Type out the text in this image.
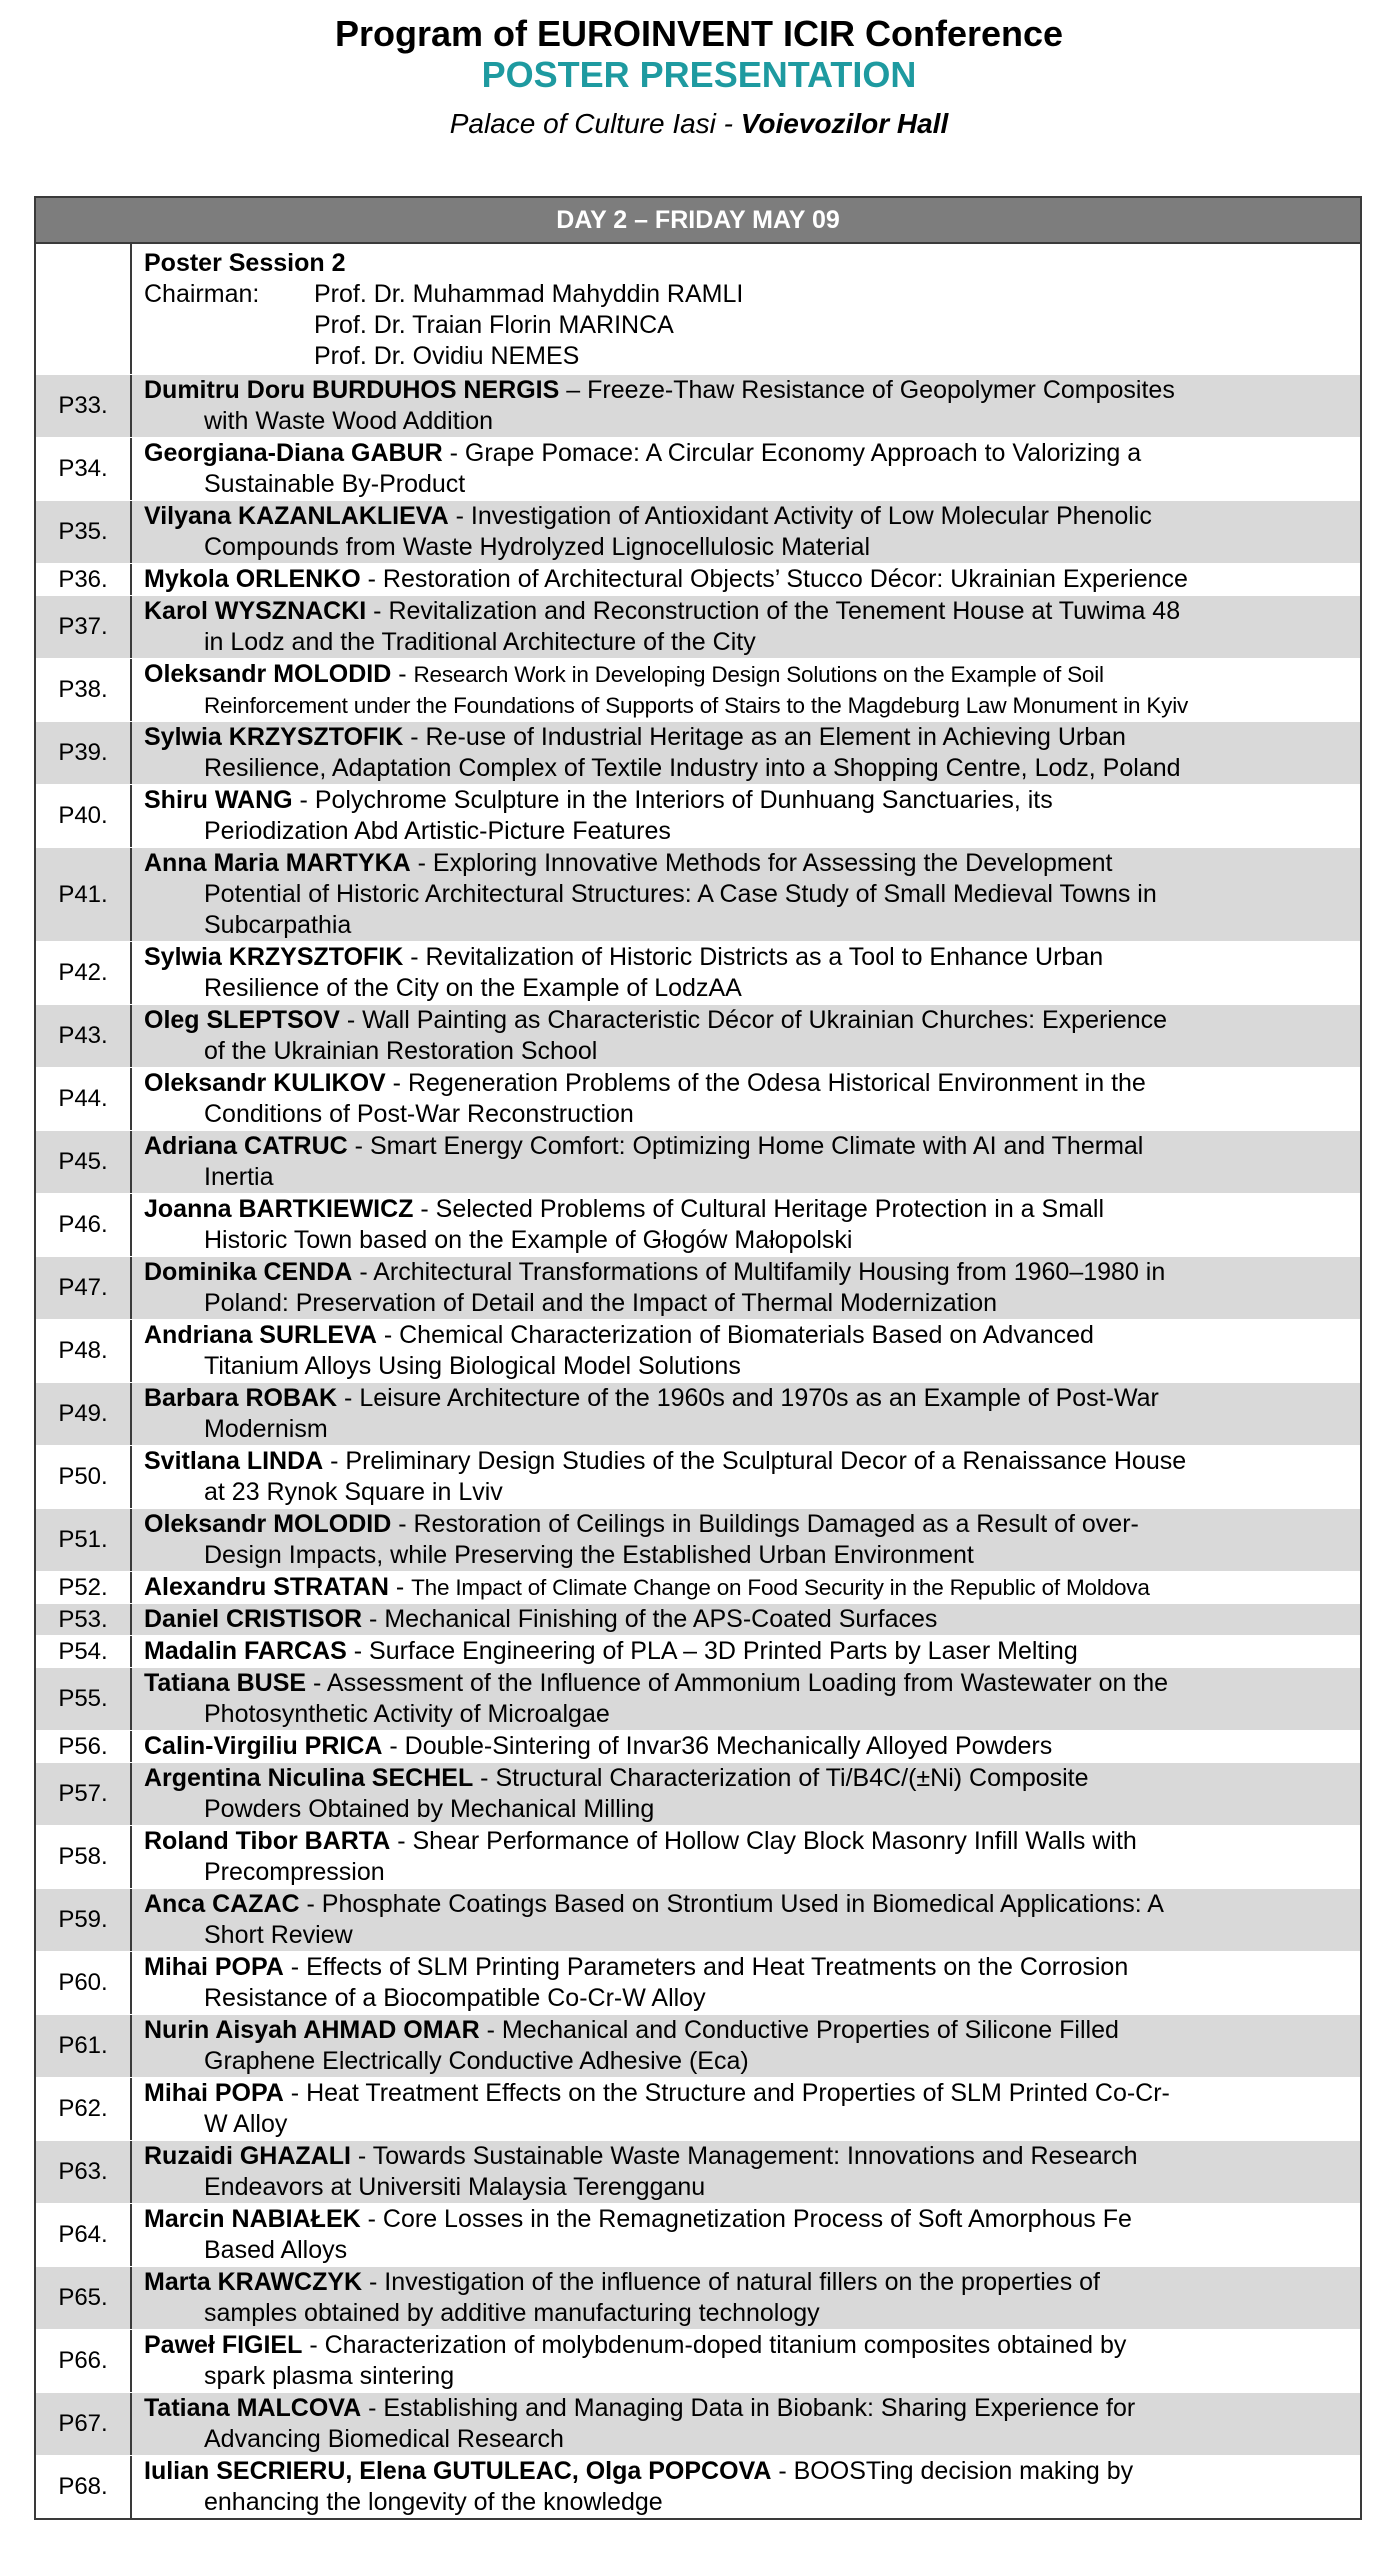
Program of EUROINVENT ICIR Conference
POSTER PRESENTATION
Palace of Culture Iasi - Voievozilor Hall
DAY 2 – FRIDAY MAY 09
Poster Session 2
Chairman: Prof. Dr. Muhammad Mahyddin RAMLI
Prof. Dr. Traian Florin MARINCA
Prof. Dr. Ovidiu NEMES
P33.
Dumitru Doru BURDUHOS NERGIS – Freeze-Thaw Resistance of Geopolymer Composites
with Waste Wood Addition
P34.
Georgiana-Diana GABUR - Grape Pomace: A Circular Economy Approach to Valorizing a
Sustainable By-Product
P35.
Vilyana KAZANLAKLIEVA - Investigation of Antioxidant Activity of Low Molecular Phenolic
Compounds from Waste Hydrolyzed Lignocellulosic Material
P36.	Mykola ORLENKO - Restoration of Architectural Objects’ Stucco Décor: Ukrainian Experience
P37.
Karol WYSZNACKI - Revitalization and Reconstruction of the Tenement House at Tuwima 48
in Lodz and the Traditional Architecture of the City
P38.
Oleksandr MOLODID - Research Work in Developing Design Solutions on the Example of Soil
Reinforcement under the Foundations of Supports of Stairs to the Magdeburg Law Monument in Kyiv
P39.
Sylwia KRZYSZTOFIK - Re-use of Industrial Heritage as an Element in Achieving Urban
Resilience, Adaptation Complex of Textile Industry into a Shopping Centre, Lodz, Poland
P40.
Shiru WANG - Polychrome Sculpture in the Interiors of Dunhuang Sanctuaries, its
Periodization Abd Artistic-Picture Features
P41.
Anna Maria MARTYKA - Exploring Innovative Methods for Assessing the Development
Potential of Historic Architectural Structures: A Case Study of Small Medieval Towns in
Subcarpathia
P42.
Sylwia KRZYSZTOFIK - Revitalization of Historic Districts as a Tool to Enhance Urban
Resilience of the City on the Example of LodzAA
P43.
Oleg SLEPTSOV - Wall Painting as Characteristic Décor of Ukrainian Churches: Experience
of the Ukrainian Restoration School
P44.
Oleksandr KULIKOV - Regeneration Problems of the Odesa Historical Environment in the
Conditions of Post-War Reconstruction
P45.
Adriana CATRUC - Smart Energy Comfort: Optimizing Home Climate with AI and Thermal
Inertia
P46.
Joanna BARTKIEWICZ - Selected Problems of Cultural Heritage Protection in a Small
Historic Town based on the Example of Głogów Małopolski
P47.
Dominika CENDA - Architectural Transformations of Multifamily Housing from 1960–1980 in
Poland: Preservation of Detail and the Impact of Thermal Modernization
P48.
Andriana SURLEVA - Chemical Characterization of Biomaterials Based on Advanced
Titanium Alloys Using Biological Model Solutions
P49.
Barbara ROBAK - Leisure Architecture of the 1960s and 1970s as an Example of Post-War
Modernism
P50.
Svitlana LINDA - Preliminary Design Studies of the Sculptural Decor of a Renaissance House
at 23 Rynok Square in Lviv
P51.
Oleksandr MOLODID - Restoration of Ceilings in Buildings Damaged as a Result of over-
Design Impacts, while Preserving the Established Urban Environment
P52.	Alexandru STRATAN - The Impact of Climate Change on Food Security in the Republic of Moldova
P53.	Daniel CRISTISOR - Mechanical Finishing of the APS-Coated Surfaces
P54.	Madalin FARCAS - Surface Engineering of PLA – 3D Printed Parts by Laser Melting
P55.
Tatiana BUSE - Assessment of the Influence of Ammonium Loading from Wastewater on the
Photosynthetic Activity of Microalgae
P56.	Calin-Virgiliu PRICA - Double-Sintering of Invar36 Mechanically Alloyed Powders
P57.
Argentina Niculina SECHEL - Structural Characterization of Ti/B4C/(±Ni) Composite
Powders Obtained by Mechanical Milling
P58.
Roland Tibor BARTA - Shear Performance of Hollow Clay Block Masonry Infill Walls with
Precompression
P59.
Anca CAZAC - Phosphate Coatings Based on Strontium Used in Biomedical Applications: A
Short Review
P60.
Mihai POPA - Effects of SLM Printing Parameters and Heat Treatments on the Corrosion
Resistance of a Biocompatible Co-Cr-W Alloy
P61.
Nurin Aisyah AHMAD OMAR - Mechanical and Conductive Properties of Silicone Filled
Graphene Electrically Conductive Adhesive (Eca)
P62.
Mihai POPA - Heat Treatment Effects on the Structure and Properties of SLM Printed Co-Cr-
W Alloy
P63.
Ruzaidi GHAZALI - Towards Sustainable Waste Management: Innovations and Research
Endeavors at Universiti Malaysia Terengganu
P64.
Marcin NABIAŁEK - Core Losses in the Remagnetization Process of Soft Amorphous Fe
Based Alloys
P65.
Marta KRAWCZYK - Investigation of the influence of natural fillers on the properties of
samples obtained by additive manufacturing technology
P66.
Paweł FIGIEL - Characterization of molybdenum-doped titanium composites obtained by
spark plasma sintering
P67.
Tatiana MALCOVA - Establishing and Managing Data in Biobank: Sharing Experience for
Advancing Biomedical Research
P68.
Iulian SECRIERU, Elena GUTULEAC, Olga POPCOVA - BOOSTing decision making by
enhancing the longevity of the knowledge
